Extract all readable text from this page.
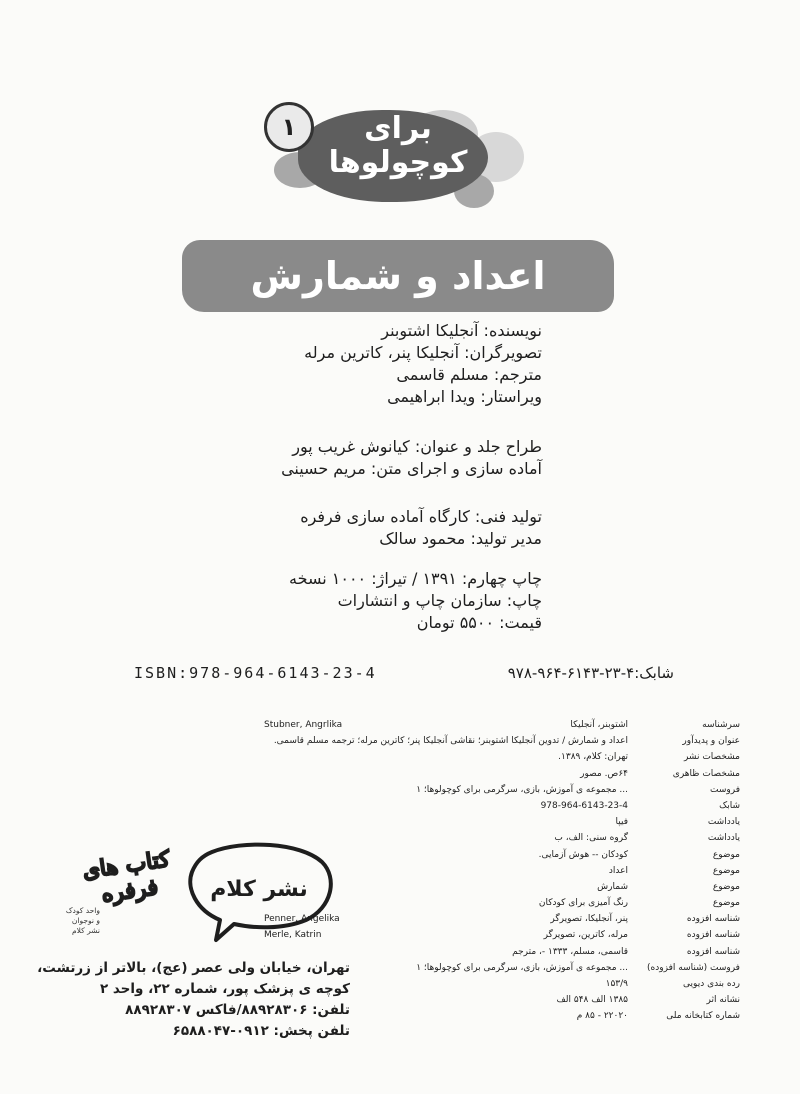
برای
کوچولوها
۱
اعداد و شمارش
نویسنده: آنجلیکا اشتوبنر
تصویرگران: آنجلیکا پنر، کاترین مرله
مترجم: مسلم قاسمی
ویراستار: ویدا ابراهیمی
طراح جلد و عنوان: کیانوش غریب پور
آماده سازی و اجرای متن: مریم حسینی
تولید فنی: کارگاه آماده سازی فرفره
مدیر تولید: محمود سالک
چاپ چهارم: ۱۳۹۱ / تیراژ: ۱۰۰۰ نسخه
چاپ: سازمان چاپ و انتشارات
قیمت: ۵۵۰۰ تومان
ISBN:978-964-6143-23-4	شابک:۴-۲۳-۶۱۴۳-۹۶۴-۹۷۸
سرشناسه
اشتوبنر، آنجلیکا
Stubner, Angrlika
عنوان و پدیدآور
اعداد و شمارش / تدوین آنجلیکا اشتوبنر؛ نقاشی آنجلیکا پنر؛ کاترین مرله؛ ترجمه مسلم قاسمی.
مشخصات نشر
تهران: کلام، ۱۳۸۹.
مشخصات ظاهری
۶۴ص. مصور
فروست
... مجموعه ی آموزش، بازی، سرگرمی برای کوچولوها؛ ۱
شابک
978-964-6143-23-4
یادداشت
فیپا
یادداشت
گروه سنی: الف، ب
موضوع
کودکان -- هوش آزمایی.
موضوع
اعداد
موضوع
شمارش
موضوع
رنگ آمیزی برای کودکان
شناسه افزوده
پنر، آنجلیکا، تصویرگر
Penner, Angelika
شناسه افزوده
مرله، کاترین، تصویرگر
Merle, Katrin
شناسه افزوده
قاسمی، مسلم، ۱۳۳۳ -، مترجم
فروست (شناسه افزوده)
... مجموعه ی آموزش، بازی، سرگرمی برای کوچولوها؛ ۱
رده بندی دیویی
۱۵۳/۹
نشانه اثر
۱۳۸۵ الف ۵۴۸ الف
شماره کتابخانه ملی
۲۲۰۲۰ - ۸۵ م
نشر کلام
کتاب های فرفره
واحد کودک
و نوجوان
نشر کلام
تهران، خیابان ولی عصر (عج)، بالاتر از زرتشت،
کوچه ی پزشک پور، شماره ۲۲، واحد ۲
تلفن: ۸۸۹۲۸۳۰۶/فاکس ۸۸۹۲۸۳۰۷
تلفن پخش: ۰۹۱۲-۶۵۸۸۰۴۷
